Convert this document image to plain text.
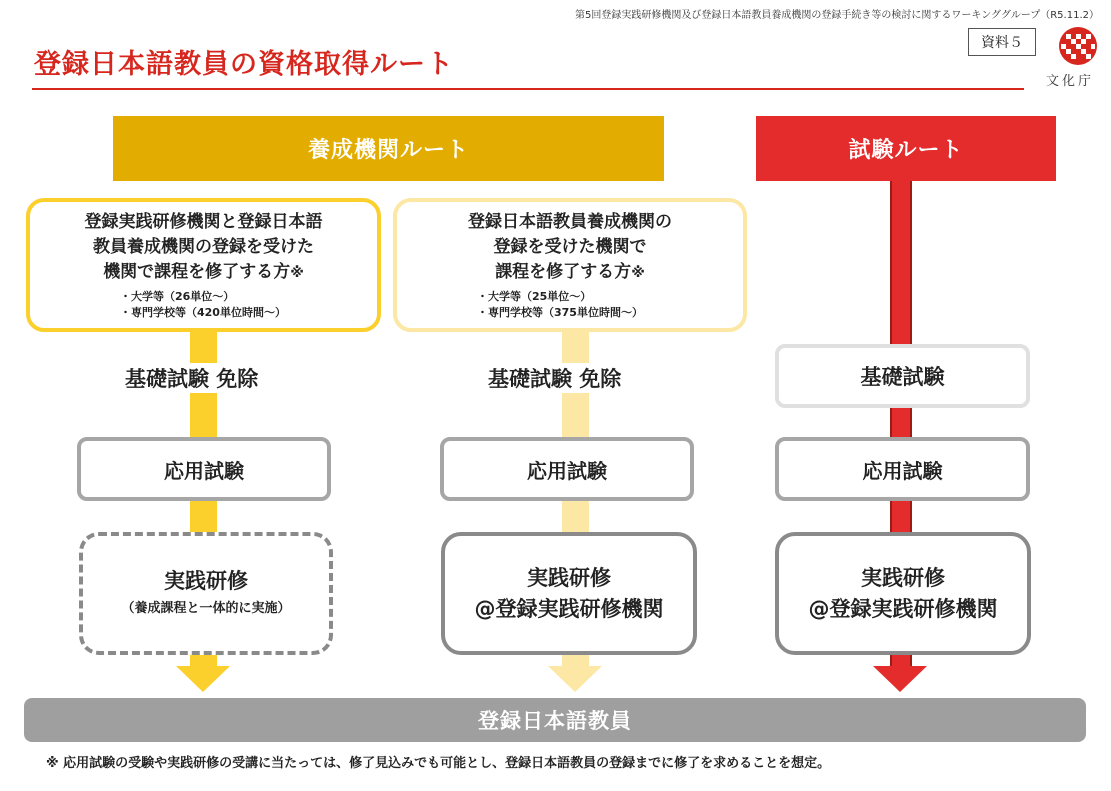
第5回登録実践研修機関及び登録日本語教員養成機関の登録手続き等の検討に関するワーキンググループ（R5.11.2）
資料５
登録日本語教員の資格取得ルート
文化庁
養成機関ルート	試験ルート
登録実践研修機関と登録日本語
教員養成機関の登録を受けた
機関で課程を修了する方※
・大学等（26単位～）
・専門学校等（420単位時間～）
登録日本語教員養成機関の
登録を受けた機関で
課程を修了する方※
・大学等（25単位～）
・専門学校等（375単位時間～）
基礎試験 免除	基礎試験 免除	基礎試験
応用試験	応用試験	応用試験
実践研修
（養成課程と一体的に実施）
実践研修
@登録実践研修機関
実践研修
@登録実践研修機関
登録日本語教員
※ 応用試験の受験や実践研修の受講に当たっては、修了見込みでも可能とし、登録日本語教員の登録までに修了を求めることを想定。
